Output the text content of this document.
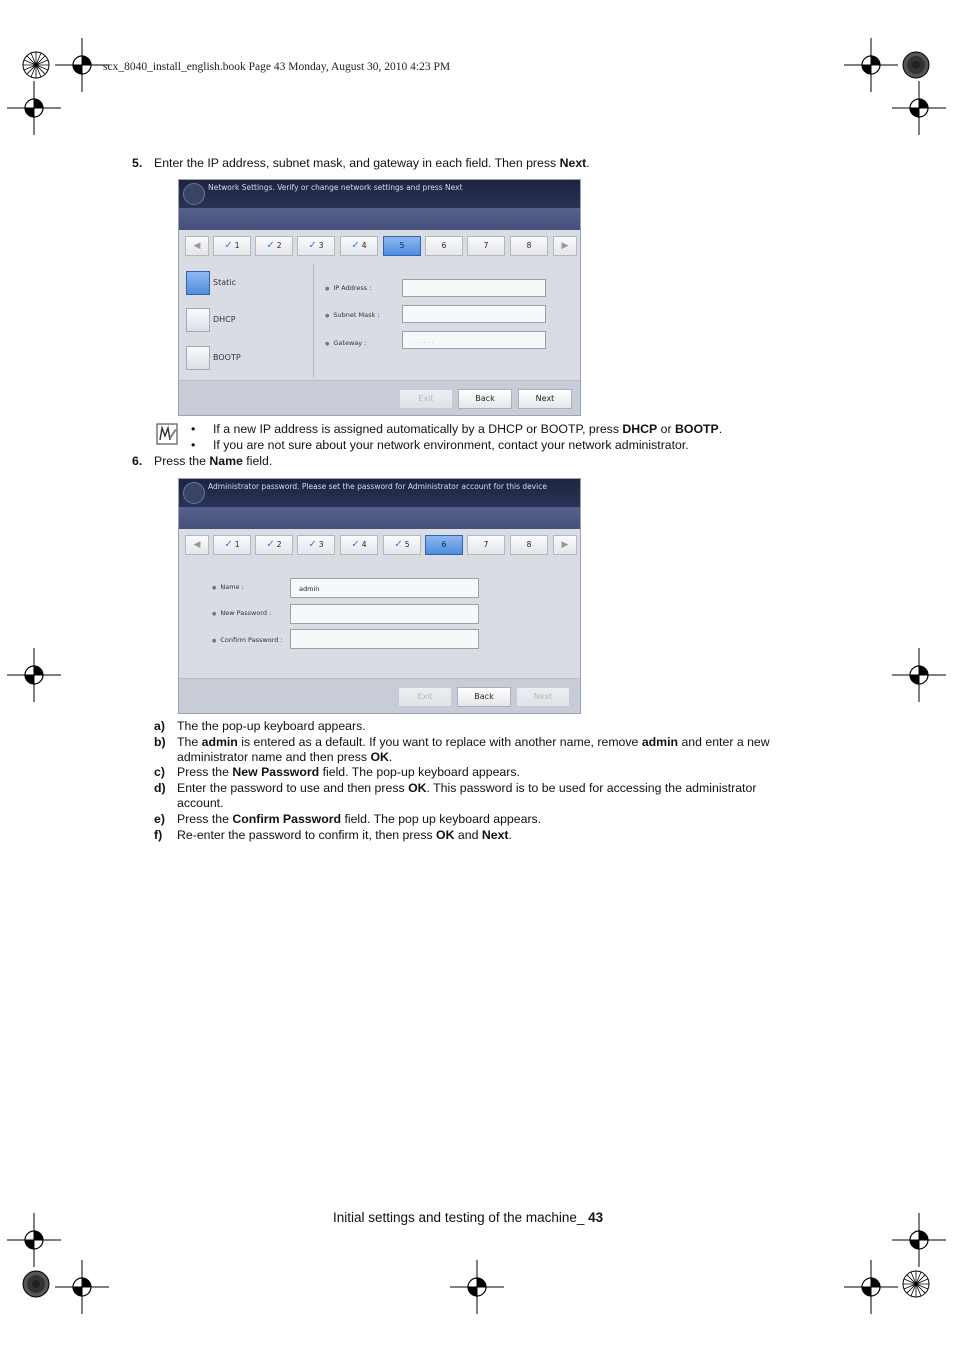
scx_8040_install_english.book Page 43 Monday, August 30, 2010 4:23 PM
5. Enter the IP address, subnet mask, and gateway in each field. Then press Next.
Network Settings. Verify or change network settings and press Next
◀	✓ 1	✓ 2	✓ 3	✓ 4	5	6	7	8	▶
Static
DHCP
BOOTP
● IP Address :
● Subnet Mask :
● Gateway :	. . . . . .
Exit	Back	Next
• If a new IP address is assigned automatically by a DHCP or BOOTP, press DHCP or BOOTP.
• If you are not sure about your network environment, contact your network administrator.
6. Press the Name field.
Administrator password. Please set the password for Administrator account for this device
◀	✓ 1	✓ 2	✓ 3	✓ 4	✓ 5	6	7	8	▶
● Name :	admin
● New Password :
● Confirm Password :
Exit	Back	Next
a) The the pop-up keyboard appears.
b) The admin is entered as a default. If you want to replace with another name, remove admin and enter a new administrator name and then press OK.
c) Press the New Password field. The pop-up keyboard appears.
d) Enter the password to use and then press OK. This password is to be used for accessing the administrator account.
e) Press the Confirm Password field. The pop up keyboard appears.
f) Re-enter the password to confirm it, then press OK and Next.
Initial settings and testing of the machine_ 43
